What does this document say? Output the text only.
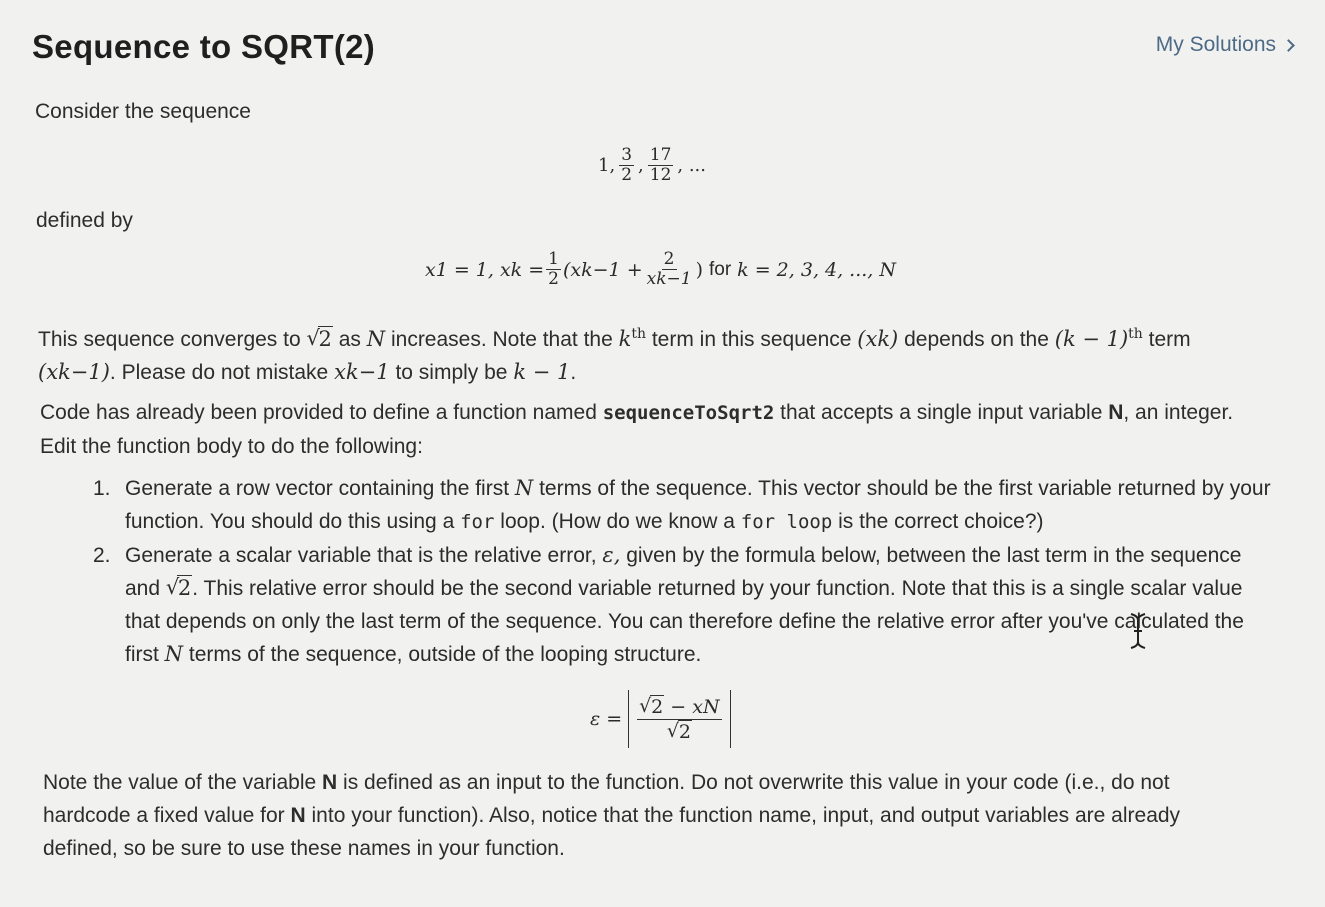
Sequence to SQRT(2)	My Solutions
Consider the sequence
1, $\frac{3}{2}$ , $\frac{17}{12}$ , ...
defined by
x1 = 1, xk = $\frac{1}{2} (xk-1 + \frac{2}{xk-1}$ ) for k = 2, 3, 4, ..., N
This sequence converges to √ 2 as N increases. Note that the $k^{th}$ term in this sequence (xk) depends on the $(k - 1)^{th}$ term (xk−1). Please do not mistake xk−1 to simply be k − 1.
Code has already been provided to define a function named sequenceToSqrt2 that accepts a single input variable N, an integer. Edit the function body to do the following:
1. Generate a row vector containing the first N terms of the sequence. This vector should be the first variable returned by your function. You should do this using a for loop. (How do we know a for loop is the correct choice?)
2. Generate a scalar variable that is the relative error, ε, given by the formula below, between the last term in the sequence and √ 2. This relative error should be the second variable returned by your function. Note that this is a single scalar value that depends on only the last term of the sequence. You can therefore define the relative error after you've calculated the first N terms of the sequence, outside of the looping structure.
ε = √ 2 − xN
√ 2
Note the value of the variable N is defined as an input to the function. Do not overwrite this value in your code (i.e., do not hardcode a fixed value for N into your function). Also, notice that the function name, input, and output variables are already defined, so be sure to use these names in your function.
